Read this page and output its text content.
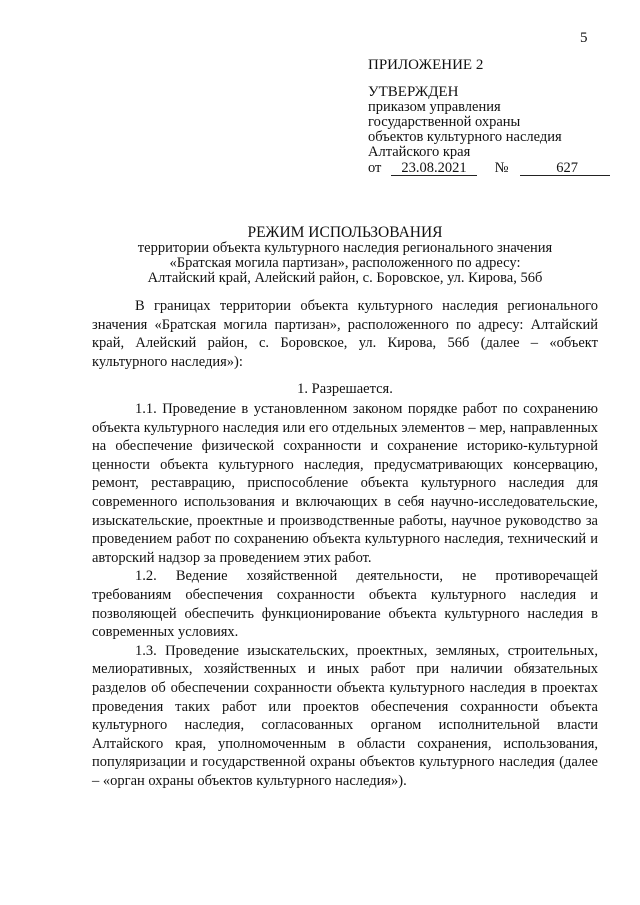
5
ПРИЛОЖЕНИЕ 2
УТВЕРЖДЕН
приказом управления
государственной охраны
объектов культурного наследия
Алтайского края
от 23.08.2021 №	627
РЕЖИМ ИСПОЛЬЗОВАНИЯ
территории объекта культурного наследия регионального значения
«Братская могила партизан», расположенного по адресу:
Алтайский край, Алейский район, с. Боровское, ул. Кирова, 56б
В границах территории объекта культурного наследия регионального значения «Братская могила партизан», расположенного по адресу: Алтайский край, Алейский район, с. Боровское, ул. Кирова, 56б (далее – «объект культурного наследия»):
1. Разрешается.

1.1. Проведение в установленном законом порядке работ по сохранению объекта культурного наследия или его отдельных элементов – мер, направленных на обеспечение физической сохранности и сохранение историко-культурной ценности объекта культурного наследия, предусматривающих консервацию, ремонт, реставрацию, приспособление объекта культурного наследия для современного использования и включающих в себя научно-исследовательские, изыскательские, проектные и производственные работы, научное руководство за проведением работ по сохранению объекта культурного наследия, технический и авторский надзор за проведением этих работ.

1.2. Ведение хозяйственной деятельности, не противоречащей требованиям обеспечения сохранности объекта культурного наследия и позволяющей обеспечить функционирование объекта культурного наследия в современных условиях.

1.3. Проведение изыскательских, проектных, земляных, строительных, мелиоративных, хозяйственных и иных работ при наличии обязательных разделов об обеспечении сохранности объекта культурного наследия в проектах проведения таких работ или проектов обеспечения сохранности объекта культурного наследия, согласованных органом исполнительной власти Алтайского края, уполномоченным в области сохранения, использования, популяризации и государственной охраны объектов культурного наследия (далее – «орган охраны объектов культурного наследия»).
